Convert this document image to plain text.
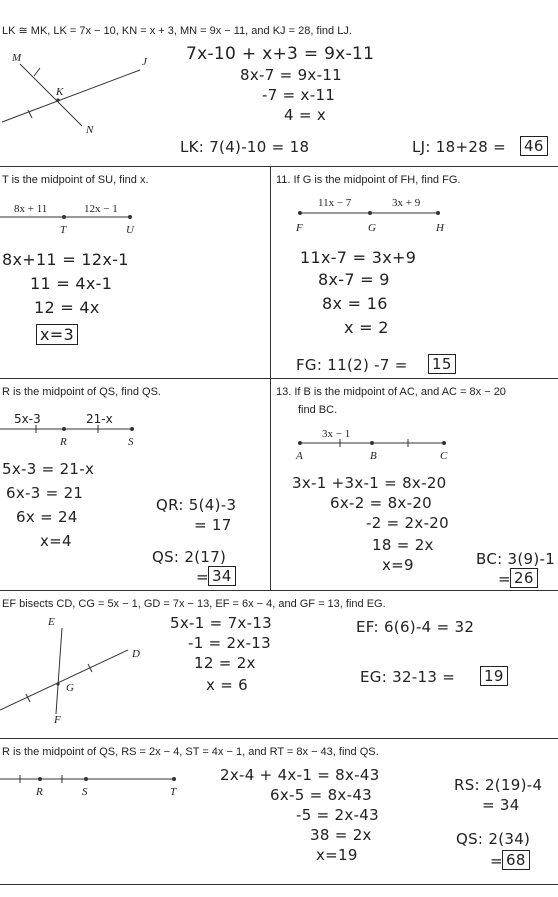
LK ≅ MK, LK = 7x − 10, KN = x + 3, MN = 9x − 11, and KJ = 28, find LJ.
M	J
K
N
7x-10 + x+3 = 9x-11
8x-7 = 9x-11
-7 = x-11
4 = x
LK: 7(4)-10 = 18	LJ: 18+28 = 46
T is the midpoint of SU, find x.
8x + 11	12x − 1
T	U
8x+11 = 12x-1
11 = 4x-1
12 = 4x
x=3
11. If G is the midpoint of FH, find FG.
11x − 7	3x + 9
F	G	H
11x-7 = 3x+9
8x-7 = 9
8x = 16
x = 2
FG: 11(2) -7 = 15
R is the midpoint of QS, find QS.
5x-3	21-x
R	S
5x-3 = 21-x
6x-3 = 21
6x = 24
x=4
QR: 5(4)-3
= 17
QS: 2(17)
= 34
13. If B is the midpoint of AC, and AC = 8x − 20
find BC.
3x − 1
A	B	C
3x-1 +3x-1 = 8x-20
6x-2 = 8x-20
-2 = 2x-20
18 = 2x
x=9	BC: 3(9)-1
= 26
EF bisects CD, CG = 5x − 1, GD = 7x − 13, EF = 6x − 4, and GF = 13, find EG.
E
D
G
F
5x-1 = 7x-13
-1 = 2x-13
12 = 2x
x = 6
EF: 6(6)-4 = 32
EG: 32-13 = 19
R is the midpoint of QS, RS = 2x − 4, ST = 4x − 1, and RT = 8x − 43, find QS.
R	S	T
2x-4 + 4x-1 = 8x-43
6x-5 = 8x-43
-5 = 2x-43
38 = 2x
x=19
RS: 2(19)-4
= 34
QS: 2(34)
= 68
